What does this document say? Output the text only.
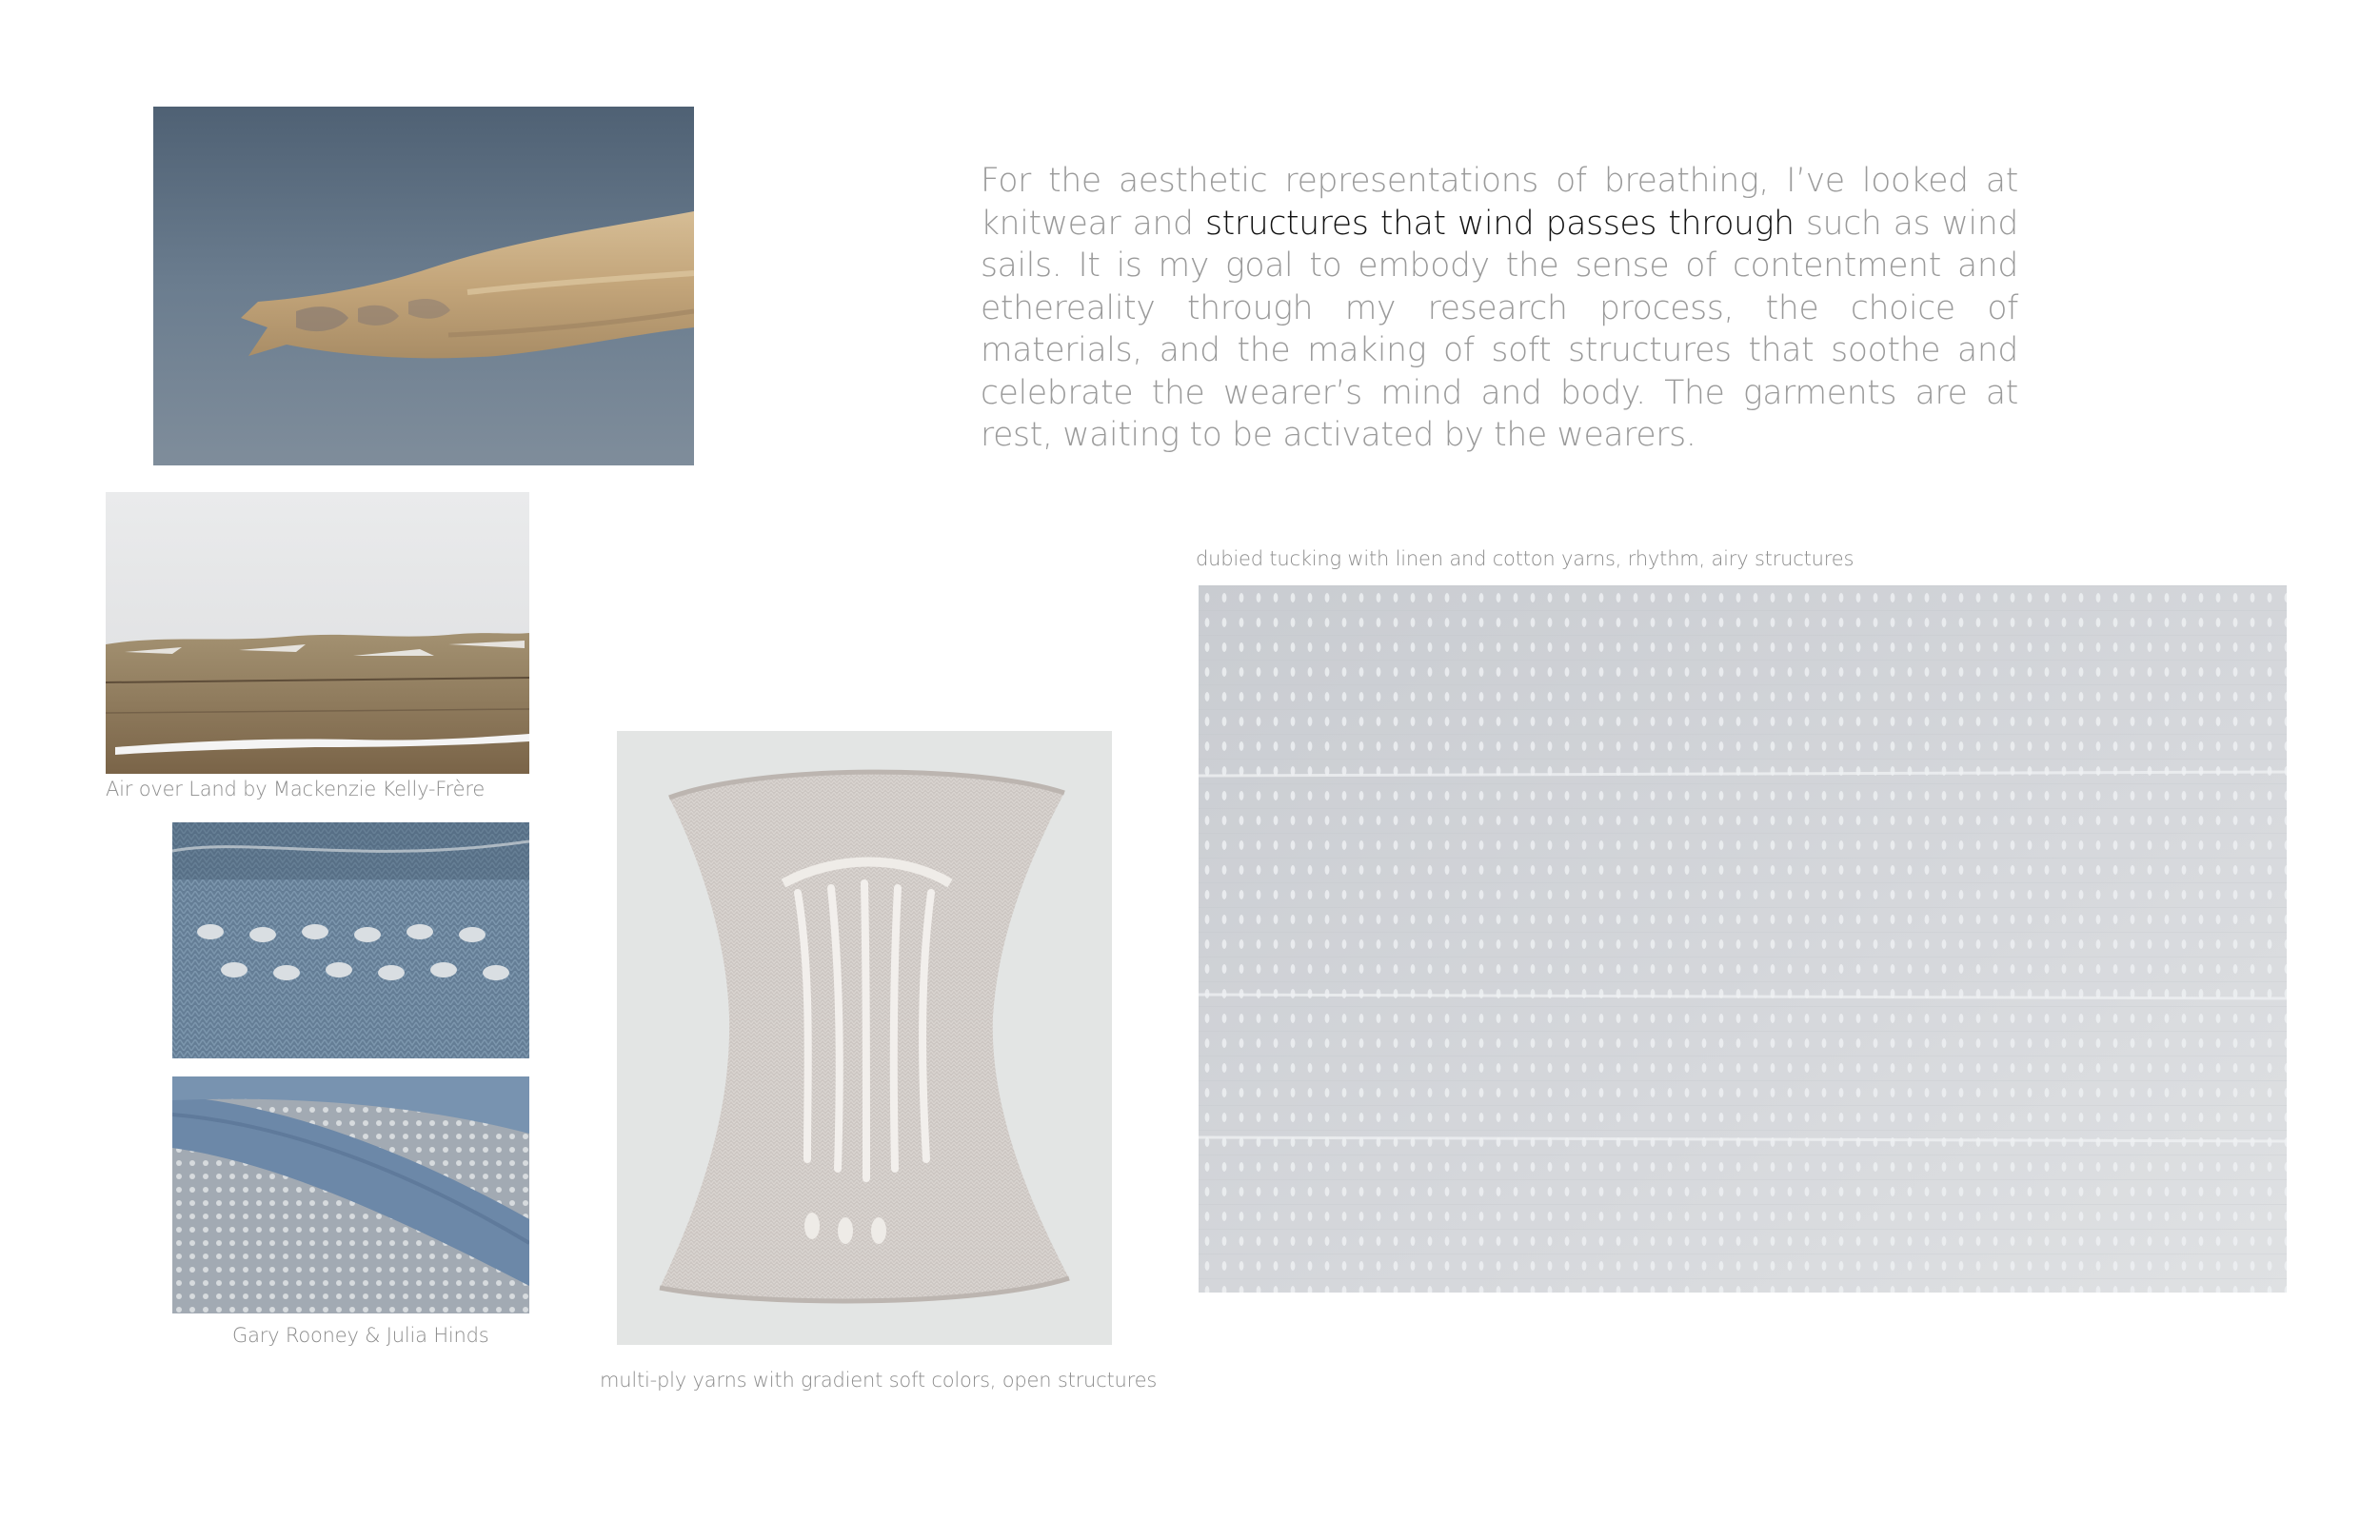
For the aesthetic representations of breathing, I’ve looked at knitwear and structures that wind passes through such as wind sails. It is my goal to embody the sense of contentment and ethereality through my research process, the choice of materials, and the making of soft structures that soothe and celebrate the wearer’s mind and body. The garments are at rest, waiting to be activated by the wearers.
Air over Land by Mackenzie Kelly-Frère
Gary Rooney & Julia Hinds
multi-ply yarns with gradient soft colors, open structures
dubied tucking with linen and cotton yarns, rhythm, airy structures
